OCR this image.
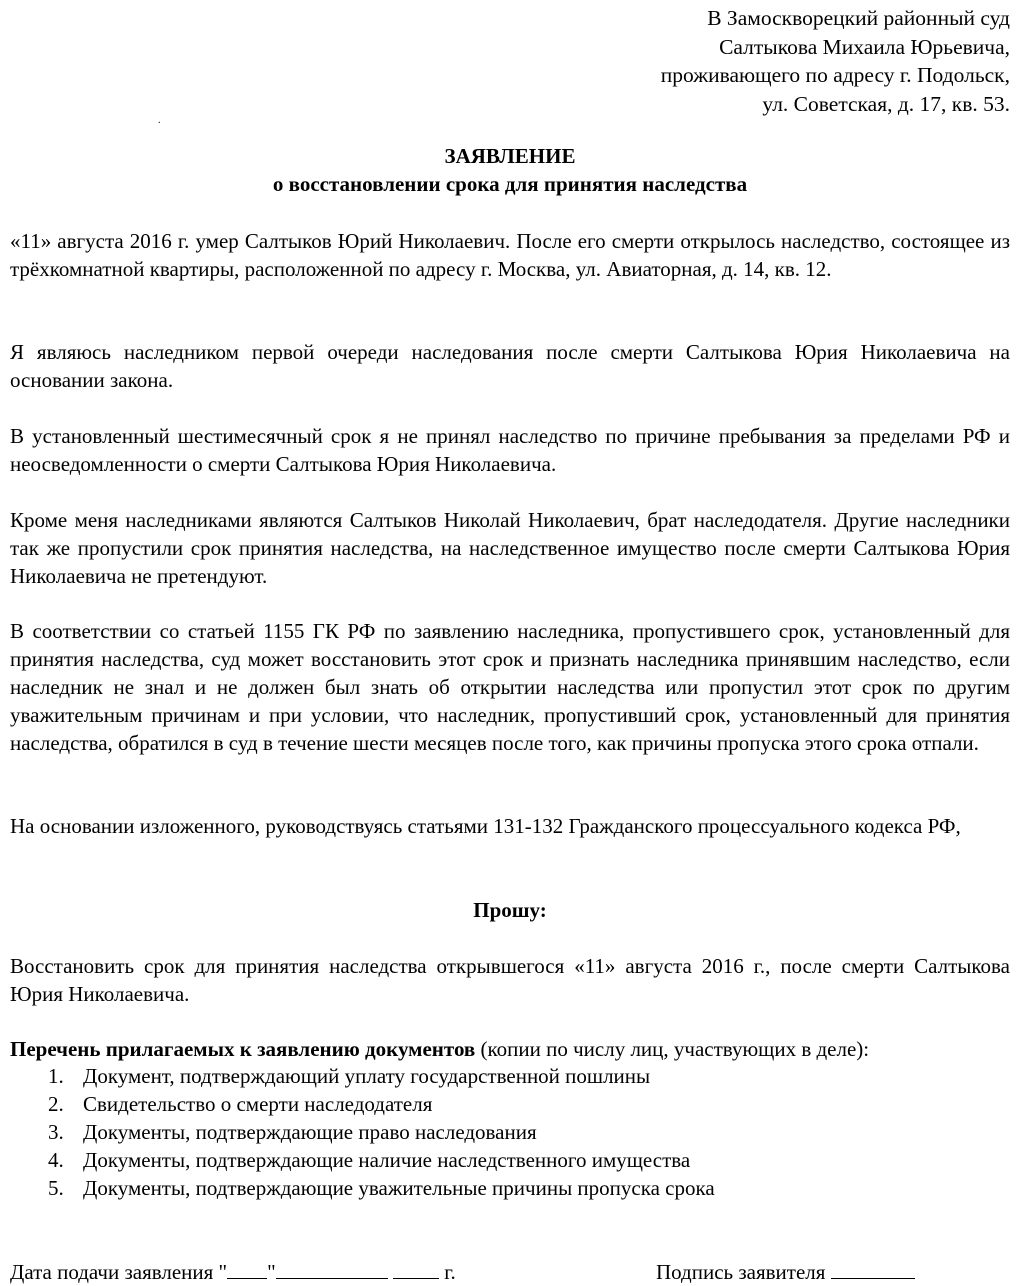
В Замоскворецкий районный суд
Салтыкова Михаила Юрьевича,
проживающего по адресу г. Подольск,
ул. Советская, д. 17, кв. 53.
.
ЗАЯВЛЕНИЕ
о восстановлении срока для принятия наследства
«11» августа 2016 г. умер Салтыков Юрий Николаевич. После его смерти открылось наследство, состоящее из трёхкомнатной квартиры, расположенной по адресу г. Москва, ул. Авиаторная, д. 14, кв. 12.
Я являюсь наследником первой очереди наследования после смерти Салтыкова Юрия Николаевича на основании закона.
В установленный шестимесячный срок я не принял наследство по причине пребывания за пределами РФ и неосведомленности о смерти Салтыкова Юрия Николаевича.
Кроме меня наследниками являются Салтыков Николай Николаевич, брат наследодателя. Другие наследники так же пропустили срок принятия наследства, на наследственное имущество после смерти Салтыкова Юрия Николаевича не претендуют.
В соответствии со статьей 1155 ГК РФ по заявлению наследника, пропустившего срок, установленный для принятия наследства, суд может восстановить этот срок и признать наследника принявшим наследство, если наследник не знал и не должен был знать об открытии наследства или пропустил этот срок по другим уважительным причинам и при условии, что наследник, пропустивший срок, установленный для принятия наследства, обратился в суд в течение шести месяцев после того, как причины пропуска этого срока отпали.
На основании изложенного, руководствуясь статьями 131-132 Гражданского процессуального кодекса РФ,
Прошу:
Восстановить срок для принятия наследства открывшегося «11» августа 2016 г., после смерти Салтыкова Юрия Николаевича.
Перечень прилагаемых к заявлению документов (копии по числу лиц, участвующих в деле):
1. Документ, подтверждающий уплату государственной пошлины
2. Свидетельство о смерти наследодателя
3. Документы, подтверждающие право наследования
4. Документы, подтверждающие наличие наследственного имущества
5. Документы, подтверждающие уважительные причины пропуска срока
Дата подачи заявления " "	г.	Подпись заявителя
